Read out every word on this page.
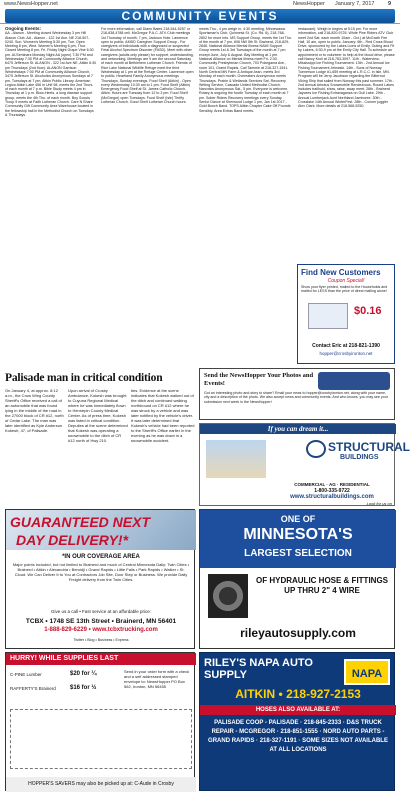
www.NewsHopper.net	NewsHopper January 7, 2017 9
COMMUNITY EVENTS
Ongoing Events:

AA - Alanon - Meeting closed Wednesday 3 pm Hill Alanon Club. AA - Alanon - 122 1st Ave. NE 218-507-0240. Sun. Women's Meeting 5:30 pm, Tue. Open Meeting 8 pm, Wed. Women's Meeting 6 pm, Thur. Closed Meeting 8 pm, Fri. Friday Night Grape Vine 6:30 pm. Al-Seminars Monday Night AA (open) 7:30 PM and Wednesday 7:30 PM at Community Alliance Church, 6475 Jefferson St. ALANON - 322 1st Ave NE, Aitkin 6:30 pm Thursdays (2nd floor). ALANON Garrison Wednesdays 7:00 PM at Community Alliance Church, 3475 Jefferson St. Alcoholics Anonymous Sundays at 7 pm, Tuesdays at 7 pm, Aitkin Public Library. American Legion Aitkin Lake 456 in Unit 98, meets the 2nd Thurs. of each month at 7 p.m. Bible Study meets 4 pm in Thursday at 1 p.m. Blow-Heels, a long disease support group, meets the 4th Thu. of each month. Boy Scouts Troop 9 meets at Faith Lutheran Church. Care N Share Community Gift Community Area Warehouse located in the fellowship hall in the Methodist Church on Tuesdays & Thursdays.

For more information, call Diann Bates 218-544-5257 or 218-838-4788 cell. McGregor P.A.C. ATV Club meetings 1st Thursday of month, 7 pm, Jackson Hole. Lawrence open to public. AMDD Caregiver Support Group - For caregivers of individuals with a diagnosed or suspected Fetal Alcohol Spectrum Disorder (FASD). Meet with other caregivers (adults only please) for support, understanding, and networking. Meetings are 9 am the second Saturday of each month at Bethlehem Lutheran Church. Friends of Rice Lake National Wildlife Refuge meet the third Wednesday at 1 pm at the Refuge Center. Lawrence open to public. Heartland Family Anonymous meetings Thursdays, Sunday evenings. Food Shelf (Aitkin) - Open every Wednesday 10:30 am to 1 pm. Food Shelf (Aitkin) Emergency Food Shelf at St. James Catholic Church, Aitkin. Hours are Tuesday from 12 to 3 pm. Food Shelf (McGregor) open Tuesdays. Food Shelf (Isle) Thrifty Lutheran Church. Good Shelf Lutheran Church hours.

meets Thu., 4 pm weigh in, 4:30 meeting, Minnewawa Sportsman's Club, Quinnesk St. (Co. Rd. 6), 218-768-2802 for more info. MS Support Group, meets the 1st Thu. of the month at 7 pm, 606 NW 5th St. Brainerd, 218-829-2846. National Alliance Mental Illness NAMI Support Group meets 1st & 3rd Tuesdays of the month at 7 pm except June, July & August. Bay Meeting at 1 pm. National Alliance on Mental Illness meet Fri. 2:30. Community Presbyterian Church, 703 Pokegama Ave., room 101, Grand Rapids. Call Tammie at 218-327-1541. North Central MN Farm & Antique Assn. meets 3rd Monday of each month. Overeaters Anonymous meets Thursdays. Prairie & Wetlands Services Sat. Recovery Writing Service, Cascade United Methodist Church. Narcotics Anonymous Sat., 5 pm. Everyone is welcome. Rotary is ongoing the fourth Tuesday of each month at 7 pm. Sober Riders Recovery meetings every Sunday. Senior Dance at Sherwood Lodge 1 pm, Jan 1st 2017 - Gold Bunch Band. TOPS Aitkin Chapter Cake Off Pounds Sensibly. Area Extras Band meets.

restaurant). Weigh in begins at 5:15 pm. For more information, call 218-820-9725. White Pine Riders ATV Club meet 2nd Sat. each month 10am - Oct.) at McGrath Fire Hall, 10 am, open to public. January: 6th - Red Cross Blood Drive, sponsored by the Lakes Lions of Emily. Outing and Fit by Lakers, 6:30-9 pm at the Emily City Hall. To schedule an appointment or to volunteer to help at the blood drive, please call Nancy Kroll at 218-763-3097. 11th - Waterview-Mississippi Ice Fishing Tournament. 13th - 2nd Annual Ice Fishing Tournament Jelewski. 14th - Sons of Norway Tuenerson Lodge #1-659 meeting at L.R.C.C. in Isle, MN. Program will be Jerry Jacobson regarding the Bitternut Viking Ship that sailed from Norway this past summer. 17th - 2nd Annual Arbutus Snowmobile Rendezvous, Round Lakes includes trailhold, show, raise, swap meet. 26th - Brainerd Jaycees Ice Fishing Extravaganza on Gull Lake. 29th - Annual Lumberjack Aunt Northland Jamboree. 30th - Crosslake 14th Annual WinterFest. 28th - Conner juggler Alex Clark: More details at 218-568-5250.

Find New Customers
Coupon Special!
Show your flyer printed, mailed to the Households and mailed for LESS than the price of direct mailing alone!
$0.16
Contact Eric at 218-821-1390
hopper@crosbyironton.net
Send the NewsHopper Your Photos and Events!
Got an interesting photo and story to share? Email your news to hopper@crosbyironton.net, along with your name, city and a description of the photo. We also accept news and community events. And who knows, you may see your submission next week in the NewsHopper!
If you can dream it...
STRUCTURAL
BUILDINGS
COMMERCIAL · AG · RESIDENTIAL
1-800-335-9722
www.structuralbuildings.com
Look for us on
Palisade man in critical condition
On January 4, at approx. 8:12 a.m., the Crow Wing County Sheriff's Office received a call of an automobile that was found lying in the middle of the road in the 27000 block of CR #12, north of Cedar Lake. The man was later identified as Kyle Anderson Kokesh, 47, of Palisade.
Upon arrival of Crosby Ambulance, Kokesh was brought to Cuyuna Regional Medical where he was immediately flown to Hennepin County Medical Center. As of press time, Kokesh was listed in critical condition. Deputies at the scene determined that Kokesh was operating a snowmobile to the ditch of CR #12 north of Hwy 210.
ties. Evidence at the scene indicates that Kokesh walked out of the ditch and continued walking northbound on CR #12 where he was struck by a vehicle and was later notified by the vehicle's driver. It was later determined that Kokesh's vehicle had been reported to the Sheriff's Office earlier in the evening as he was down in a snowmobile accident.
GUARANTEED NEXT
DAY DELIVERY!*
*IN OUR COVERAGE AREA
Major points included, but not limited to Brainerd and much of Central Minnesota Daily: Twin Cities • Brainerd • Aitkin • Alexandria • Bemidji • Grand Rapids • Little Falls • Park Rapids • Walker • St. Cloud. We Can Deliver It to You at Contractors Job Site, Door Step or Business. We provide Daily Freight delivery from the Twin Cities.
Give us a call • Fast service at an affordable price:
TCBX • 1748 SE 13th Street • Brainerd, MN 56401
1-888-829-6229 • www.tcbxtrucking.com
Twitter • Blog • Business • Express
ONE OF
MINNESOTA'S
LARGEST SELECTION
OF HYDRAULIC HOSE & FITTINGS UP THRU 2" 4 WIRE
rileyautosupply.com
HURRY! WHILE SUPPLIES LAST
C-PINE Lumber	$20 for ¼
RAFFERTY'S Brainerd	$16 for ½
Send in your order form with a check and a self addressed stamped envelope to: NewsHopper PO Box 562, Ironton, MN 56455
HOPPER'S SAVERS may also be picked up at: C-Aude in Crosby
RILEY'S NAPA AUTO SUPPLY	NAPA
AITKIN • 218-927-2153
HOSES ALSO AVAILABLE AT:
PALISADE COOP - PALISADE · 218-845-2333 · D&S TRUCK REPAIR - MCGREGOR · 218-851-1555 · NORD AUTO PARTS - GRAND RAPIDS · 218-327-1191 · SOME SIZES NOT AVAILABLE AT ALL LOCATIONS
